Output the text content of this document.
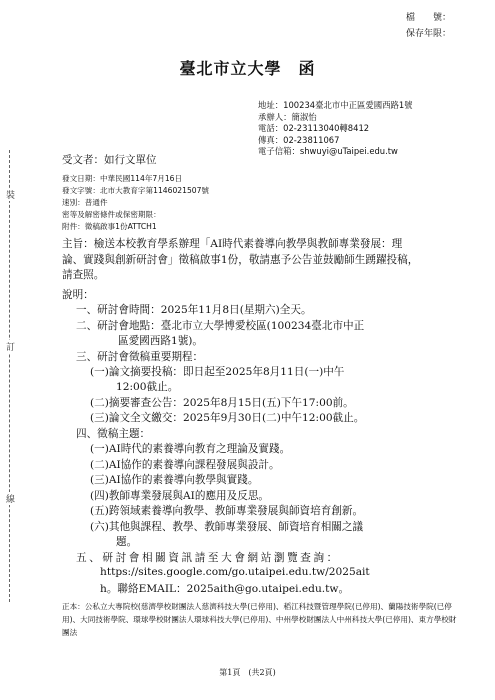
檔　　號：
保存年限：
臺北市立大學　函
地址：100234臺北市中正區愛國西路1號
承辦人：簡淑怡
電話：02-23113040轉8412
傳真：02-23811067
電子信箱：shwuyi@uTaipei.edu.tw
裝
訂
線
受文者：如行文單位
發文日期：中華民國114年7月16日
發文字號：北市大教育字第1146021507號
速別：普通件
密等及解密條件或保密期限：
附件：徵稿啟事1份ATTCH1
主旨：檢送本校教育學系辦理「AI時代素養導向教學與教師專業發展：理論、實踐與創新研討會」徵稿啟事1份，敬請惠予公告並鼓勵師生踴躍投稿，請查照。
說明：
一、研討會時間：2025年11月8日(星期六)全天。
二、研討會地點：臺北市立大學博愛校區(100234臺北市中正
區愛國西路1號)。
三、研討會徵稿重要期程：
(一)論文摘要投稿：即日起至2025年8月11日(一)中午
12:00截止。
(二)摘要審查公告：2025年8月15日(五)下午17:00前。
(三)論文全文繳交：2025年9月30日(二)中午12:00截止。
四、徵稿主題：
(一)AI時代的素養導向教育之理論及實踐。
(二)AI協作的素養導向課程發展與設計。
(三)AI協作的素養導向教學與實踐。
(四)教師專業發展與AI的應用及反思。
(五)跨領域素養導向教學、教師專業發展與師資培育創新。
(六)其他與課程、教學、教師專業發展、師資培育相關之議
題。
五、研討會相關資訊請至大會網站瀏覽查詢：
https://sites.google.com/go.utaipei.edu.tw/2025ait
h。聯絡EMAIL：2025aith@go.utaipei.edu.tw。
正本：公私立大專院校(慈濟學校財團法人慈濟科技大學(已停用)、稻江科技暨管理學院(已停用)、蘭陽技術學院(已停用)、大同技術學院、環球學校財團法人環球科技大學(已停用)、中州學校財團法人中州科技大學(已停用)、東方學校財團法
第1頁　(共2頁)
